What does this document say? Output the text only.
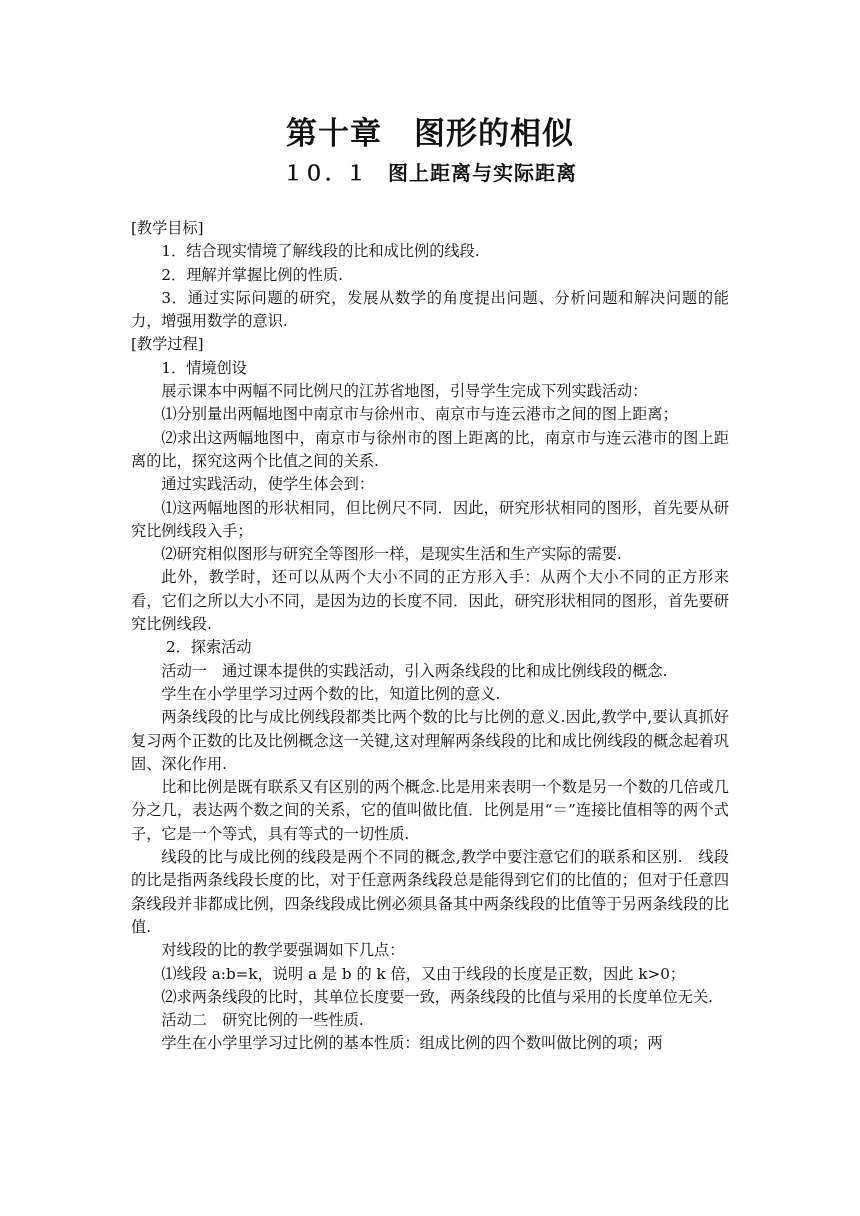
第十章　图形的相似
１０．１　图上距离与实际距离

[教学目标]

1．结合现实情境了解线段的比和成比例的线段.

2．理解并掌握比例的性质.

3．通过实际问题的研究，发展从数学的角度提出问题、分析问题和解决问题的能力，增强用数学的意识.

[教学过程]

1．情境创设

展示课本中两幅不同比例尺的江苏省地图，引导学生完成下列实践活动：

⑴分别量出两幅地图中南京市与徐州市、南京市与连云港市之间的图上距离；

⑵求出这两幅地图中，南京市与徐州市的图上距离的比，南京市与连云港市的图上距离的比，探究这两个比值之间的关系.

通过实践活动，使学生体会到：

⑴这两幅地图的形状相同，但比例尺不同．因此，研究形状相同的图形，首先要从研究比例线段入手；

⑵研究相似图形与研究全等图形一样，是现实生活和生产实际的需要.

此外，教学时，还可以从两个大小不同的正方形入手：从两个大小不同的正方形来看，它们之所以大小不同，是因为边的长度不同．因此，研究形状相同的图形，首先要研究比例线段.

2．探索活动

活动一　通过课本提供的实践活动，引入两条线段的比和成比例线段的概念.

学生在小学里学习过两个数的比，知道比例的意义.

两条线段的比与成比例线段都类比两个数的比与比例的意义.因此,教学中,要认真抓好复习两个正数的比及比例概念这一关键,这对理解两条线段的比和成比例线段的概念起着巩固、深化作用.

比和比例是既有联系又有区别的两个概念.比是用来表明一个数是另一个数的几倍或几分之几，表达两个数之间的关系，它的值叫做比值．比例是用“＝”连接比值相等的两个式子，它是一个等式，具有等式的一切性质.

线段的比与成比例的线段是两个不同的概念,教学中要注意它们的联系和区别.　线段的比是指两条线段长度的比，对于任意两条线段总是能得到它们的比值的；但对于任意四条线段并非都成比例，四条线段成比例必须具备其中两条线段的比值等于另两条线段的比值.

对线段的比的教学要强调如下几点：

⑴线段 a:b=k，说明 a 是 b 的 k 倍，又由于线段的长度是正数，因此 k>0；

⑵求两条线段的比时，其单位长度要一致，两条线段的比值与采用的长度单位无关.

活动二　研究比例的一些性质.

学生在小学里学习过比例的基本性质：组成比例的四个数叫做比例的项；两
